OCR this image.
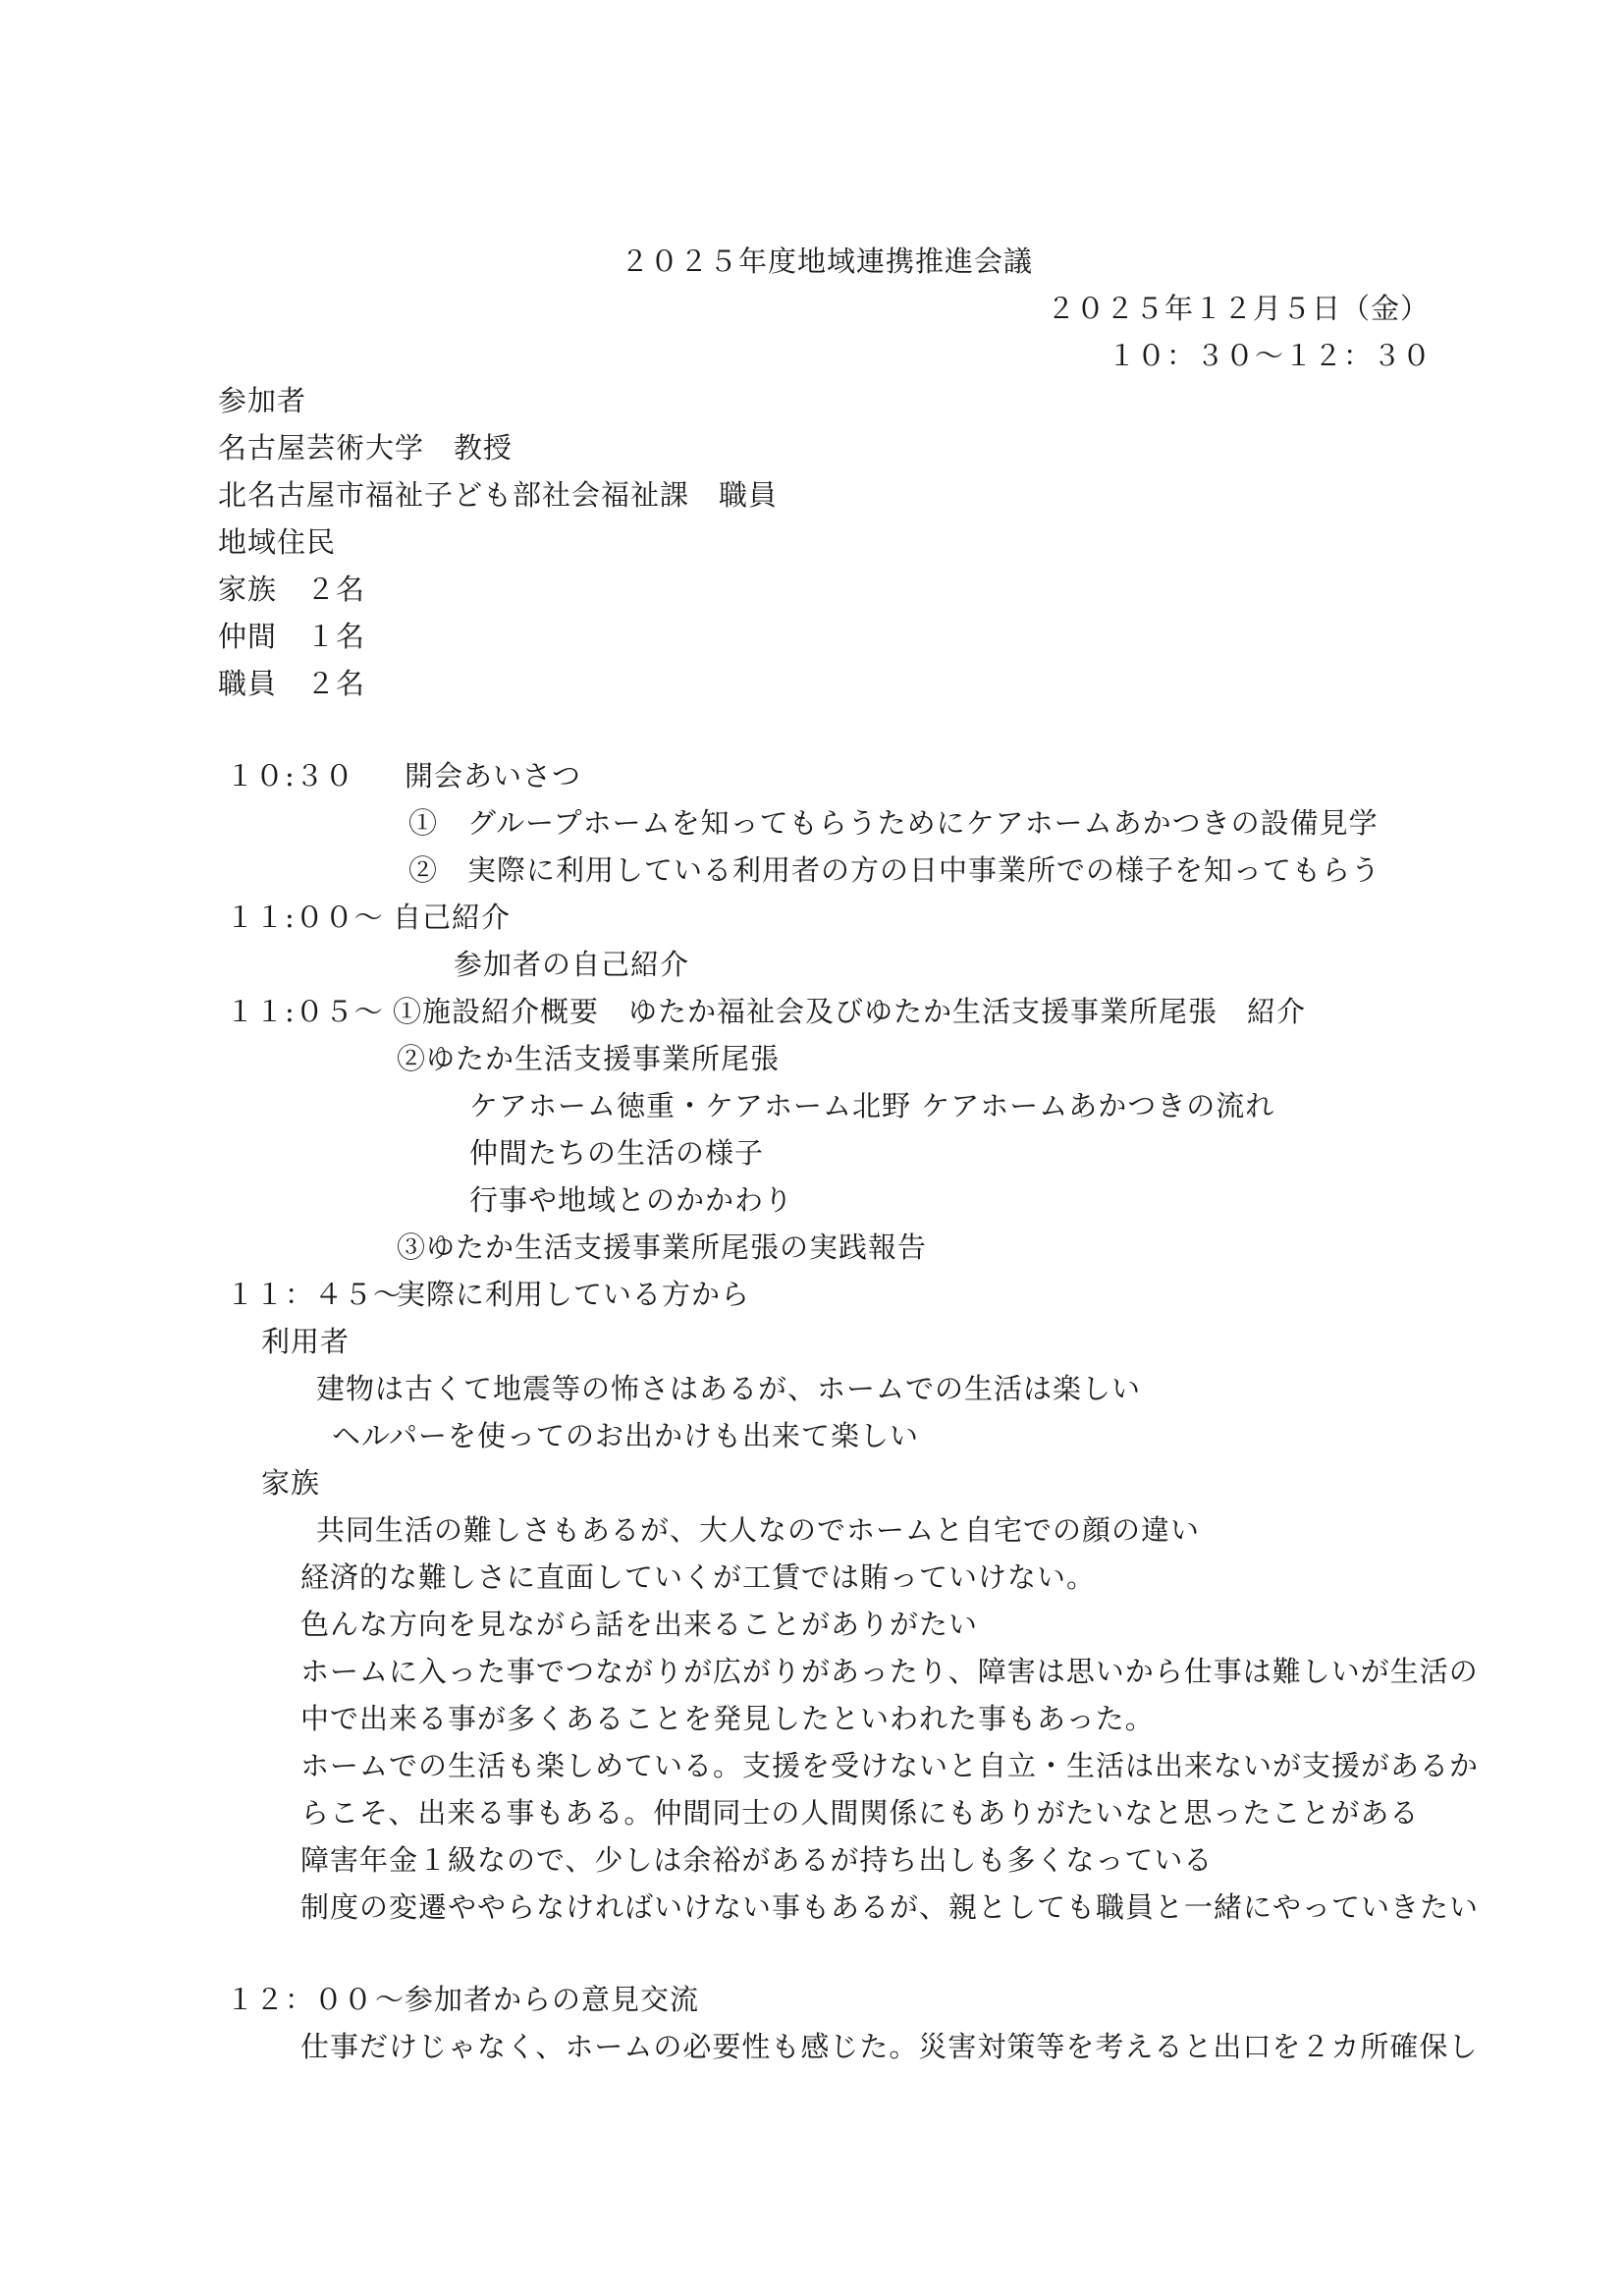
２０２５年度地域連携推進会議
２０２５年１２月５日（金）
１０：３０～１２：３０
参加者
名古屋芸術大学　教授
北名古屋市福祉子ども部社会福祉課　職員
地域住民
家族　２名
仲間　１名
職員　２名
１０:３０ 開会あいさつ
①　グループホームを知ってもらうためにケアホームあかつきの設備見学
②　実際に利用している利用者の方の日中事業所での様子を知ってもらう
１１:００～ 自己紹介
参加者の自己紹介
１１:０５～ ①施設紹介概要　ゆたか福祉会及びゆたか生活支援事業所尾張　紹介
②ゆたか生活支援事業所尾張
ケアホーム徳重・ケアホーム北野 ケアホームあかつきの流れ
仲間たちの生活の様子
行事や地域とのかかわり
③ゆたか生活支援事業所尾張の実践報告
１１：４５～
実際に利用している方から
利用者
建物は古くて地震等の怖さはあるが、ホームでの生活は楽しい
ヘルパーを使ってのお出かけも出来て楽しい
家族
共同生活の難しさもあるが、大人なのでホームと自宅での顔の違い
経済的な難しさに直面していくが工賃では賄っていけない。
色んな方向を見ながら話を出来ることがありがたい
ホームに入った事でつながりが広がりがあったり、障害は思いから仕事は難しいが生活の
中で出来る事が多くあることを発見したといわれた事もあった。
ホームでの生活も楽しめている。支援を受けないと自立・生活は出来ないが支援があるか
らこそ、出来る事もある。仲間同士の人間関係にもありがたいなと思ったことがある
障害年金１級なので、少しは余裕があるが持ち出しも多くなっている
制度の変遷ややらなければいけない事もあるが、親としても職員と一緒にやっていきたい
１２：００ ～参加者からの意見交流
仕事だけじゃなく、ホームの必要性も感じた。災害対策等を考えると出口を２カ所確保し
